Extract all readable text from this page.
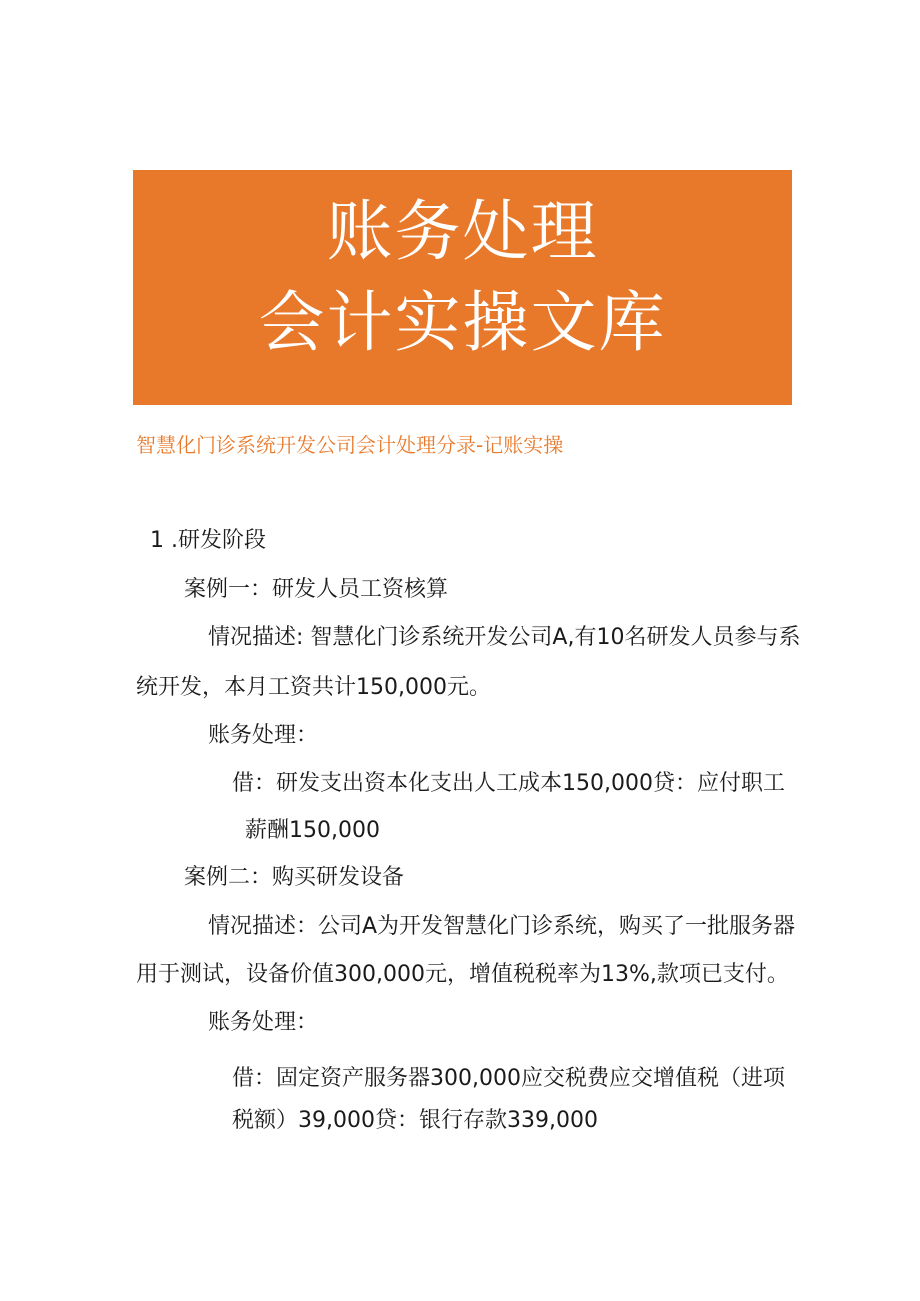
账务处理
会计实操文库
智慧化门诊系统开发公司会计处理分录-记账实操
1 .研发阶段
案例一：研发人员工资核算
情况描述: 智慧化门诊系统开发公司A,有10名研发人员参与系
统开发，本月工资共计150,000元。
账务处理：
借：研发支出资本化支出人工成本150,000贷：应付职工
薪酬150,000
案例二：购买研发设备
情况描述：公司A为开发智慧化门诊系统，购买了一批服务器
用于测试，设备价值300,000元，增值税税率为13%,款项已支付。
账务处理：
借：固定资产服务器300,000应交税费应交增值税（进项
税额）39,000贷：银行存款339,000
